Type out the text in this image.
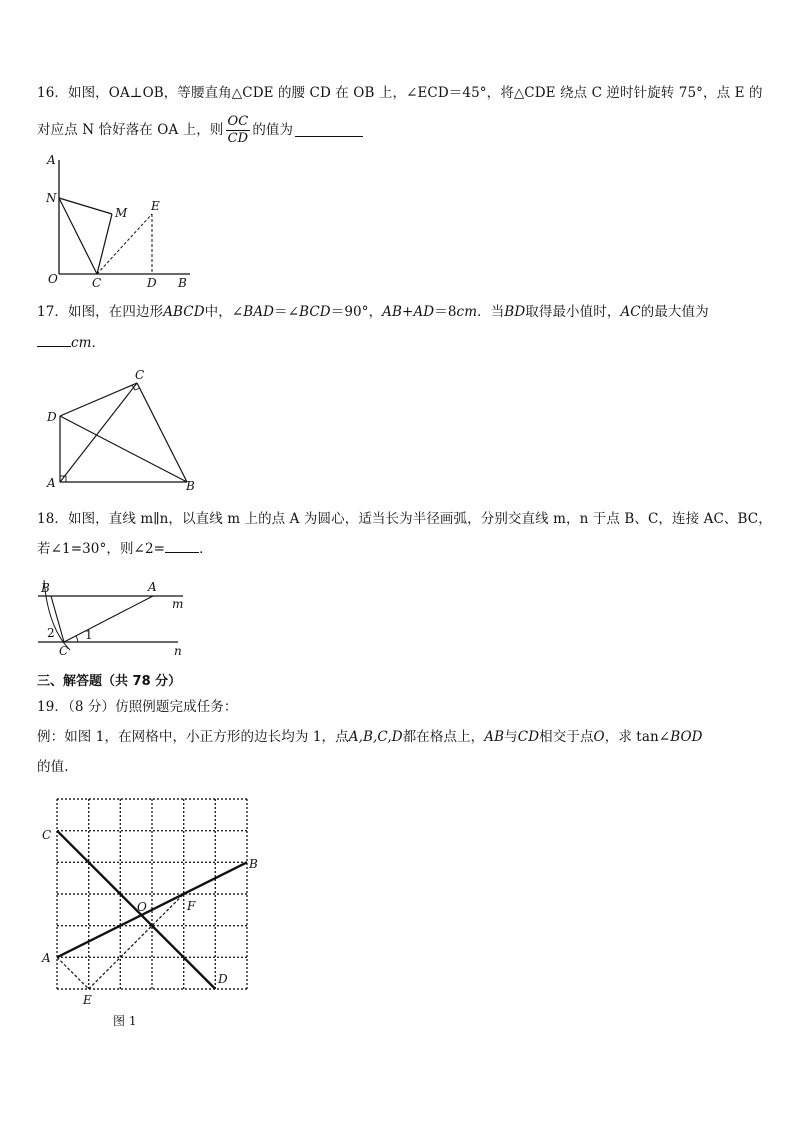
16．如图，OA⊥OB，等腰直角△CDE 的腰 CD 在 OB 上，∠ECD＝45°，将△CDE 绕点 C 逆时针旋转 75°，点 E 的
对应点 N 恰好落在 OA 上，则 $\frac{OC}{CD}$ 的值为
A
N
M E
O	C	D B
17．如图，在四边形ABCD中，∠BAD＝∠BCD＝90°，AB+AD＝8cm．当BD取得最小值时，AC的最大值为
cm．
D
A
C
B
18．如图，直线 m∥n，以直线 m 上的点 A 为圆心，适当长为半径画弧，分别交直线 m，n 于点 B、C，连接 AC、BC，
若∠1=30°，则∠2=	．
B	A
m
n
2	1
C
三、解答题（共 78 分）
19．（8 分）仿照例题完成任务：
例：如图 1，在网格中，小正方形的边长均为 1，点A,B,C,D都在格点上，AB与CD相交于点O，求 tan∠BOD
的值.
C
B
O	F
A
D
E
图 1
